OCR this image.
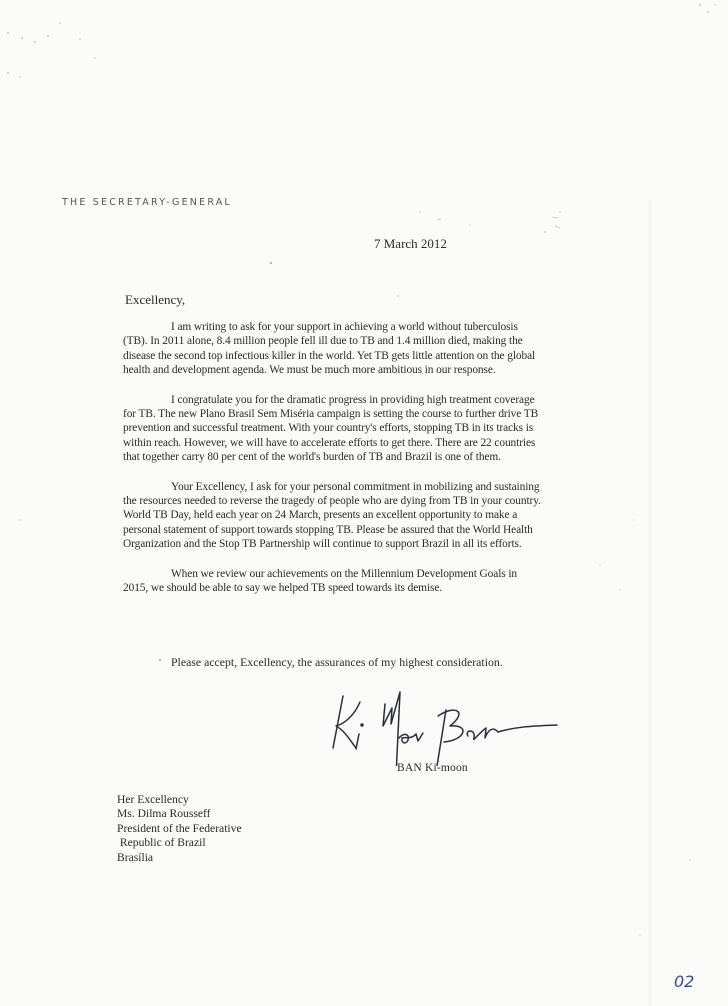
THE SECRETARY-GENERAL
7 March 2012
Excellency,

I am writing to ask for your support in achieving a world without tuberculosis (TB). In 2011 alone, 8.4 million people fell ill due to TB and 1.4 million died, making the disease the second top infectious killer in the world. Yet TB gets little attention on the global health and development agenda. We must be much more ambitious in our response.

I congratulate you for the dramatic progress in providing high treatment coverage for TB. The new Plano Brasil Sem Miséria campaign is setting the course to further drive TB prevention and successful treatment. With your country's efforts, stopping TB in its tracks is within reach. However, we will have to accelerate efforts to get there. There are 22 countries that together carry 80 per cent of the world's burden of TB and Brazil is one of them.

Your Excellency, I ask for your personal commitment in mobilizing and sustaining the resources needed to reverse the tragedy of people who are dying from TB in your country. World TB Day, held each year on 24 March, presents an excellent opportunity to make a personal statement of support towards stopping TB. Please be assured that the World Health Organization and the Stop TB Partnership will continue to support Brazil in all its efforts.

When we review our achievements on the Millennium Development Goals in 2015, we should be able to say we helped TB speed towards its demise.

Please accept, Excellency, the assurances of my highest consideration.
BAN Ki-moon
Her Excellency
Ms. Dilma Rousseff
President of the Federative
Republic of Brazil
Brasília
02
